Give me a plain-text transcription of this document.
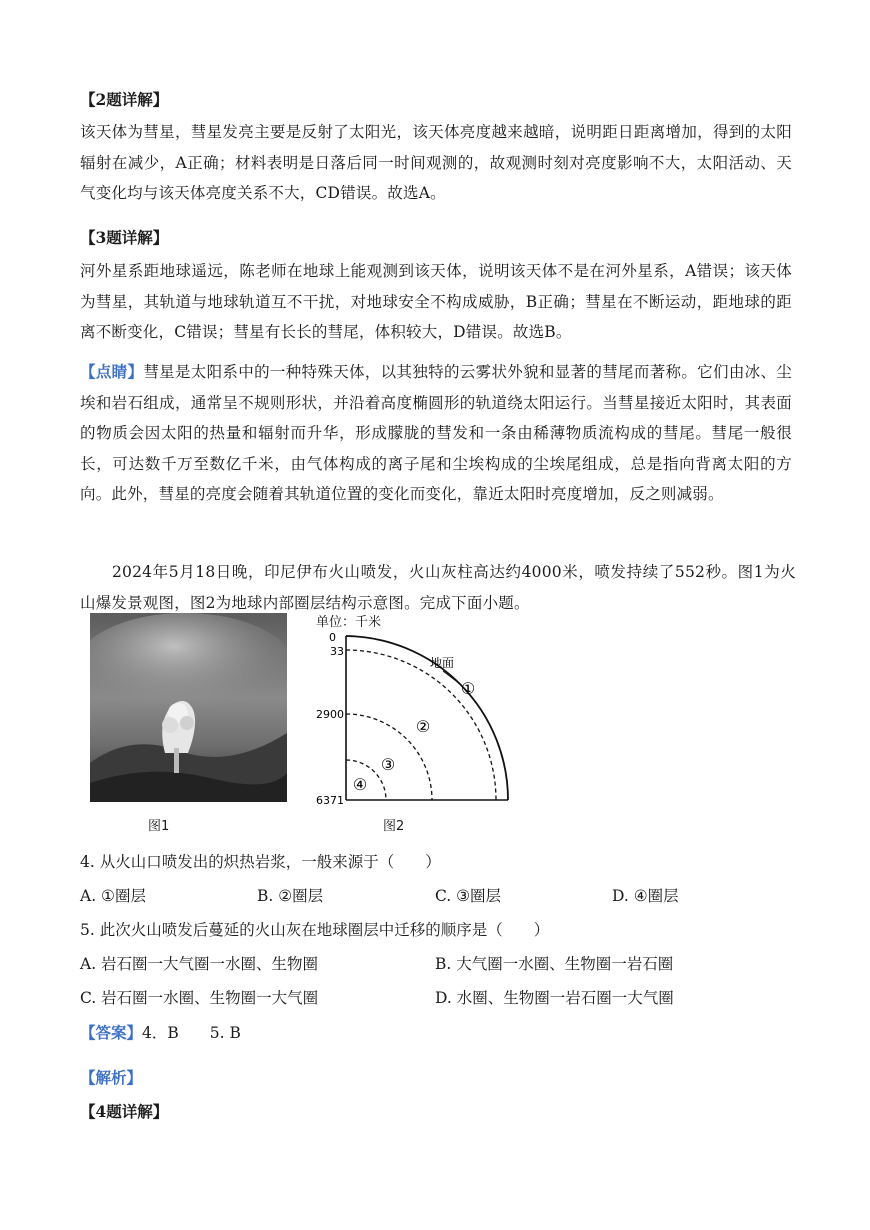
【2题详解】

该天体为彗星，彗星发亮主要是反射了太阳光，该天体亮度越来越暗，说明距日距离增加，得到的太阳辐射在减少，A正确；材料表明是日落后同一时间观测的，故观测时刻对亮度影响不大，太阳活动、天气变化均与该天体亮度关系不大，CD错误。故选A。

【3题详解】

河外星系距地球遥远，陈老师在地球上能观测到该天体，说明该天体不是在河外星系，A错误；该天体为彗星，其轨道与地球轨道互不干扰，对地球安全不构成威胁，B正确；彗星在不断运动，距地球的距离不断变化，C错误；彗星有长长的彗尾，体积较大，D错误。故选B。

【点睛】彗星是太阳系中的一种特殊天体，以其独特的云雾状外貌和显著的彗尾而著称。它们由冰、尘埃和岩石组成，通常呈不规则形状，并沿着高度椭圆形的轨道绕太阳运行。当彗星接近太阳时，其表面的物质会因太阳的热量和辐射而升华，形成朦胧的彗发和一条由稀薄物质流构成的彗尾。彗尾一般很长，可达数千万至数亿千米，由气体构成的离子尾和尘埃构成的尘埃尾组成，总是指向背离太阳的方向。此外，彗星的亮度会随着其轨道位置的变化而变化，靠近太阳时亮度增加，反之则减弱。

2024年5月18日晚，印尼伊布火山喷发，火山灰柱高达约4000米，喷发持续了552秒。图1为火山爆发景观图，图2为地球内部圈层结构示意图。完成下面小题。

单位：千米
0
33
2900
6371
地面
①
②
③
④
图1	图2
4. 从火山口喷发出的炽热岩浆，一般来源于（　　）
A. ①圈层	B. ②圈层	C. ③圈层	D. ④圈层
5. 此次火山喷发后蔓延的火山灰在地球圈层中迁移的顺序是（　　）
A. 岩石圈一大气圈一水圈、生物圈	B. 大气圈一水圈、生物圈一岩石圈
C. 岩石圈一水圈、生物圈一大气圈	D. 水圈、生物圈一岩石圈一大气圈
【答案】4．B　　5. B
【解析】
【4题详解】
